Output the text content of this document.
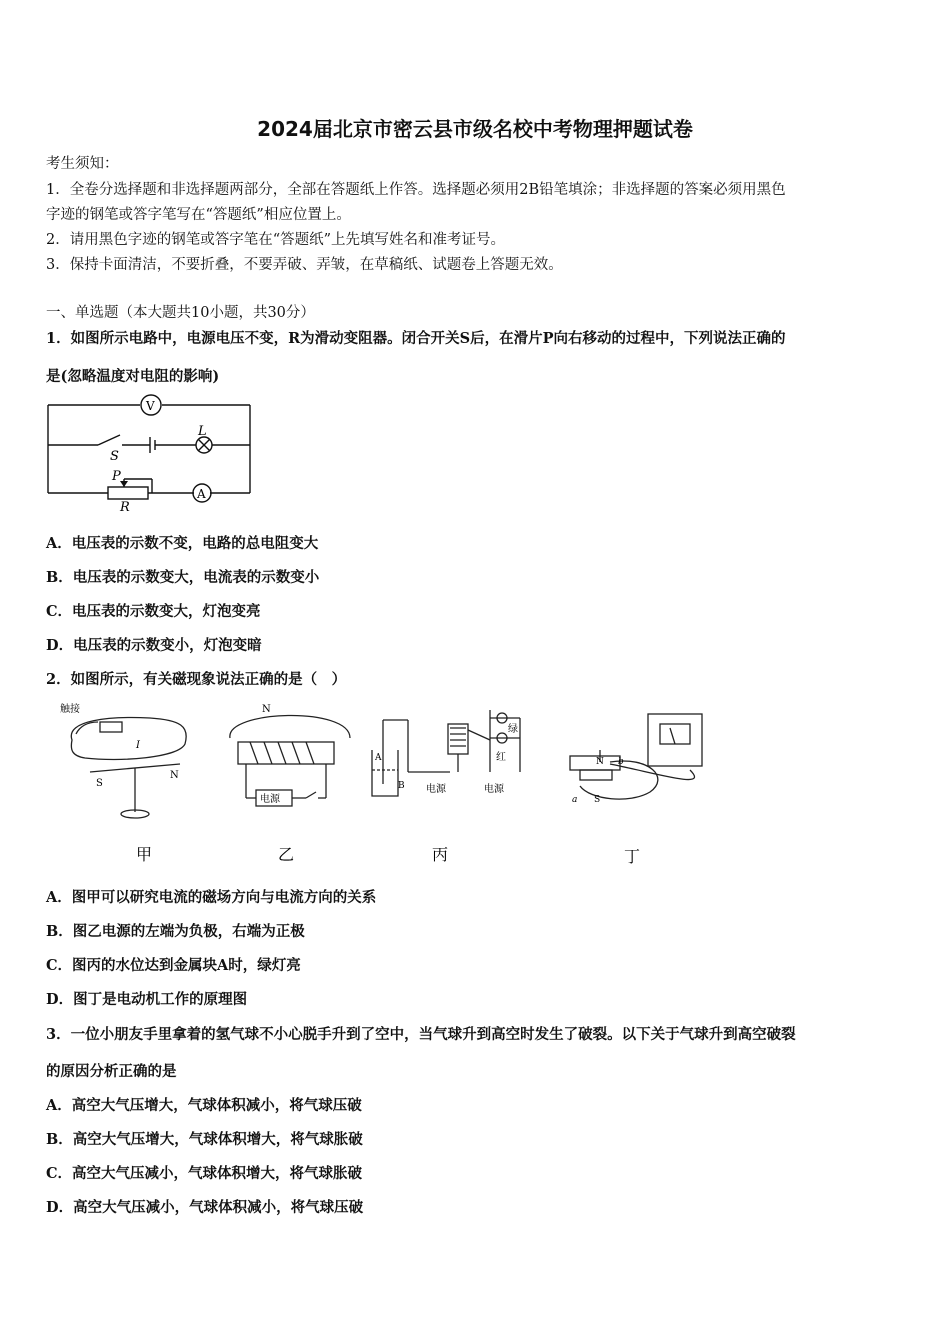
2024届北京市密云县市级名校中考物理押题试卷
考生须知：
1．全卷分选择题和非选择题两部分，全部在答题纸上作答。选择题必须用2B铅笔填涂；非选择题的答案必须用黑色
字迹的钢笔或答字笔写在“答题纸”相应位置上。
2．请用黑色字迹的钢笔或答字笔在“答题纸”上先填写姓名和准考证号。
3．保持卡面清洁，不要折叠，不要弄破、弄皱，在草稿纸、试题卷上答题无效。
一、单选题（本大题共10小题，共30分）
1．如图所示电路中，电源电压不变，R为滑动变阻器。闭合开关S后，在滑片P向右移动的过程中，下列说法正确的
是(忽略温度对电阻的影响)
V
A
L
S
P
R
A．电压表的示数不变，电路的总电阻变大
B．电压表的示数变大，电流表的示数变小
C．电压表的示数变大，灯泡变亮
D．电压表的示数变小，灯泡变暗
2．如图所示，有关磁现象说法正确的是（　）
触接
I
S
N
甲
N
电源
乙
A
B 电源	电源
绿
红
丙
N
S
a
b
丁
A．图甲可以研究电流的磁场方向与电流方向的关系
B．图乙电源的左端为负极，右端为正极
C．图丙的水位达到金属块A时，绿灯亮
D．图丁是电动机工作的原理图
3．一位小朋友手里拿着的氢气球不小心脱手升到了空中，当气球升到高空时发生了破裂。以下关于气球升到高空破裂
的原因分析正确的是
A．高空大气压增大，气球体积减小，将气球压破
B．高空大气压增大，气球体积增大，将气球胀破
C．高空大气压减小，气球体积增大，将气球胀破
D．高空大气压减小，气球体积减小，将气球压破
